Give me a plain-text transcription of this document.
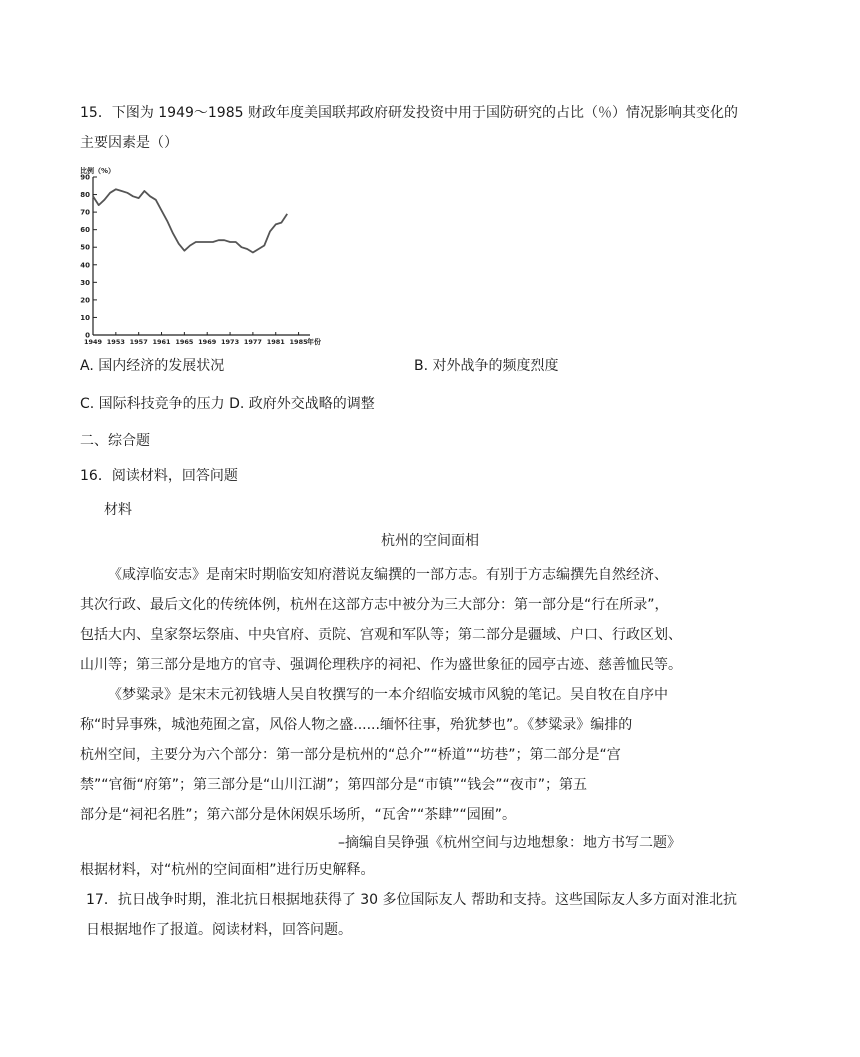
15．下图为 1949～1985 财政年度美国联邦政府研发投资中用于国防研究的占比（％）情况影响其变化的
主要因素是（）
比例（%）
0
10
20
30
40
50
60
70
80
90
1949 1953 1957 1961 1965 1969 1973 1977 1981 1985 年份
A. 国内经济的发展状况	B. 对外战争的频度烈度
C. 国际科技竞争的压力 D. 政府外交战略的调整
二、综合题
16．阅读材料，回答问题
材料
杭州的空间面相
《咸淳临安志》是南宋时期临安知府潜说友编撰的一部方志。有别于方志编撰先自然经济、
其次行政、最后文化的传统体例，杭州在这部方志中被分为三大部分：第一部分是“行在所录”，
包括大内、皇家祭坛祭庙、中央官府、贡院、宫观和军队等；第二部分是疆域、户口、行政区划、
山川等；第三部分是地方的官寺、强调伦理秩序的祠祀、作为盛世象征的园亭古迹、慈善恤民等。
《梦粱录》是宋末元初钱塘人吴自牧撰写的一本介绍临安城市风貌的笔记。吴自牧在自序中
称“时异事殊，城池苑囿之富，风俗人物之盛......缅怀往事，殆犹梦也”。《梦粱录》编排的
杭州空间，主要分为六个部分：第一部分是杭州的“总介”“桥道”“坊巷”；第二部分是“宫
禁”“官衙“府第”；第三部分是“山川江湖”；第四部分是“市镇”“钱会”“夜市”；第五
部分是“祠祀名胜”；第六部分是休闲娱乐场所，“瓦舍”“茶肆”“园囿”。
–摘编自吴铮强《杭州空间与边地想象：地方书写二题》
根据材料，对“杭州的空间面相”进行历史解释。
17．抗日战争时期，淮北抗日根据地获得了 30 多位国际友人 帮助和支持。这些国际友人多方面对淮北抗
日根据地作了报道。阅读材料，回答问题。
